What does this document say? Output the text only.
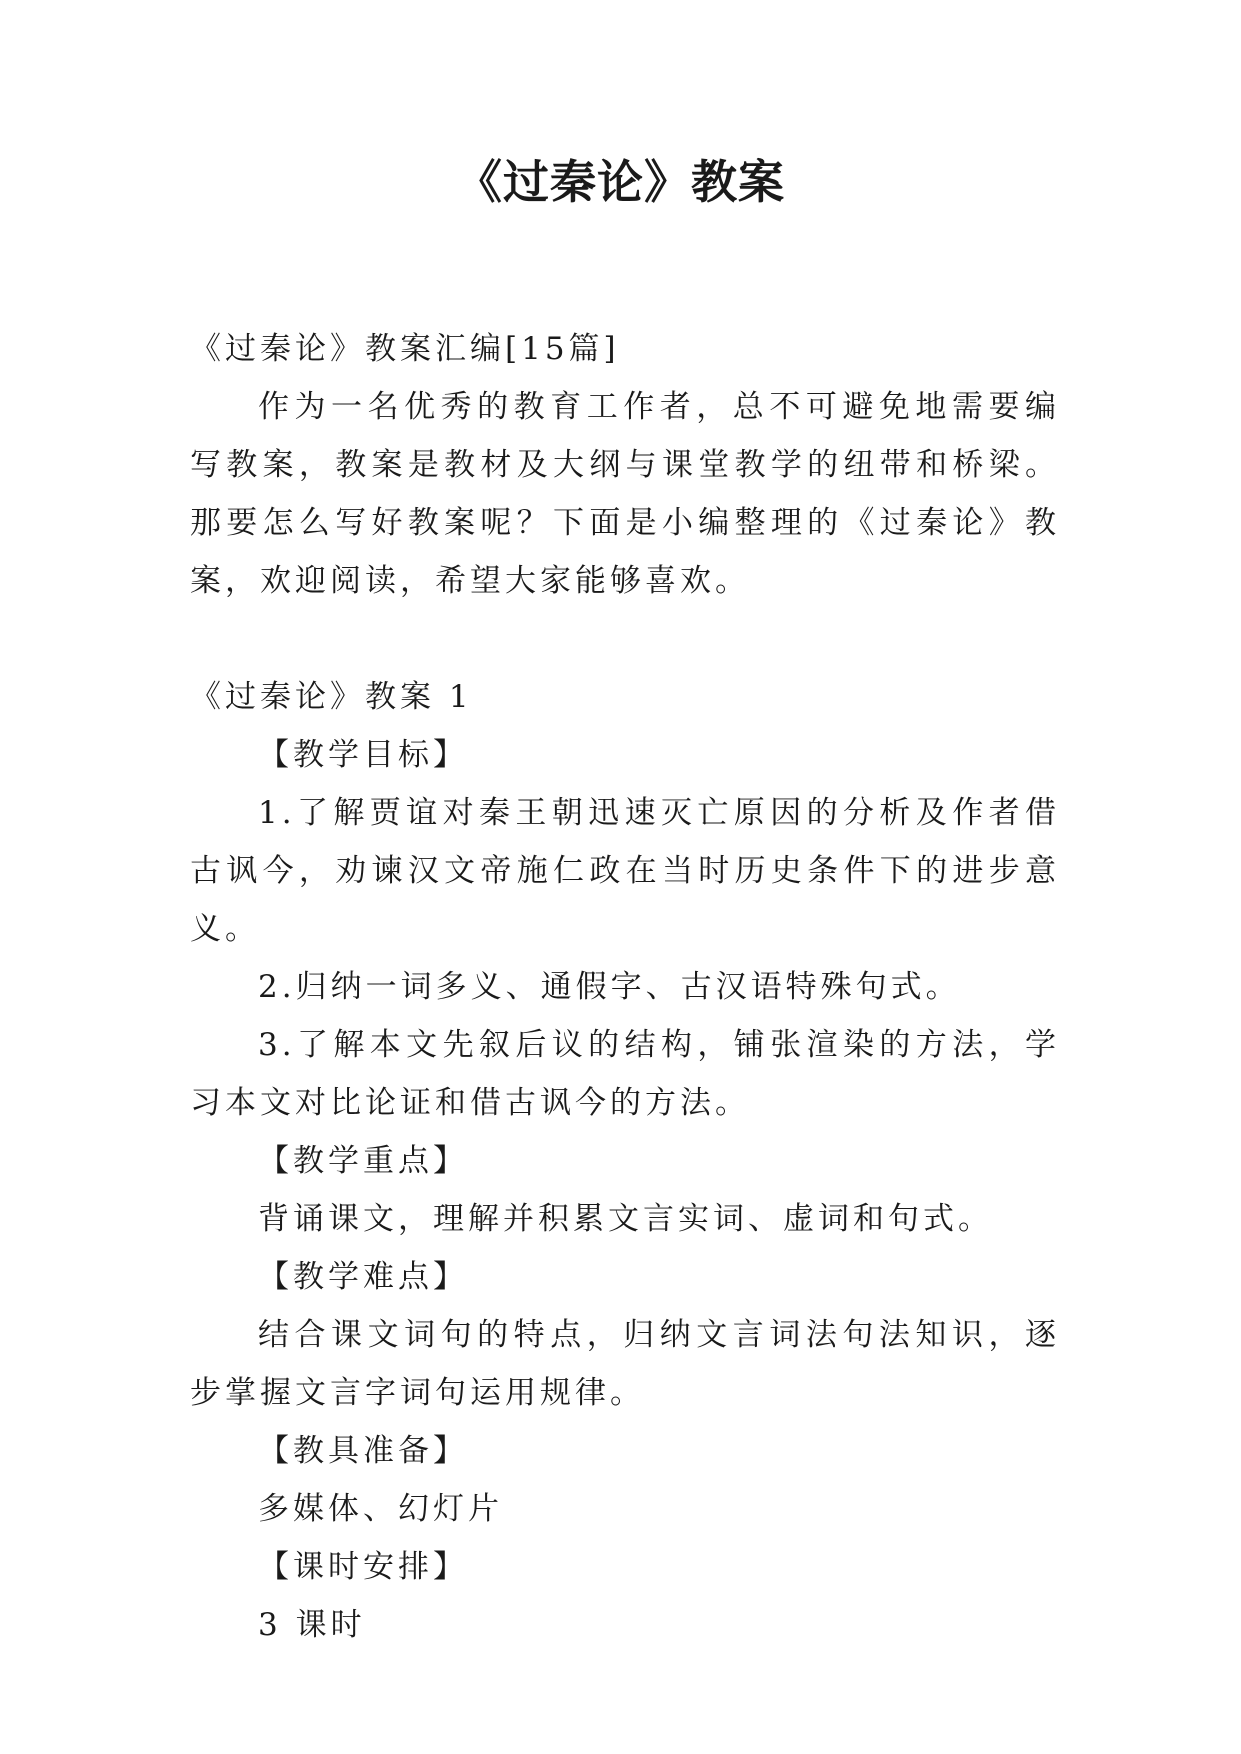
《过秦论》教案

《过秦论》教案汇编[15篇]

作为一名优秀的教育工作者，总不可避免地需要编写教案，教案是教材及大纲与课堂教学的纽带和桥梁。那要怎么写好教案呢？下面是小编整理的《过秦论》教案，欢迎阅读，希望大家能够喜欢。

《过秦论》教案 1

【教学目标】

1.了解贾谊对秦王朝迅速灭亡原因的分析及作者借古讽今，劝谏汉文帝施仁政在当时历史条件下的进步意义。

2.归纳一词多义、通假字、古汉语特殊句式。

3.了解本文先叙后议的结构，铺张渲染的方法，学习本文对比论证和借古讽今的方法。

【教学重点】

背诵课文，理解并积累文言实词、虚词和句式。

【教学难点】

结合课文词句的特点，归纳文言词法句法知识，逐步掌握文言字词句运用规律。

【教具准备】

多媒体、幻灯片

【课时安排】

3 课时
